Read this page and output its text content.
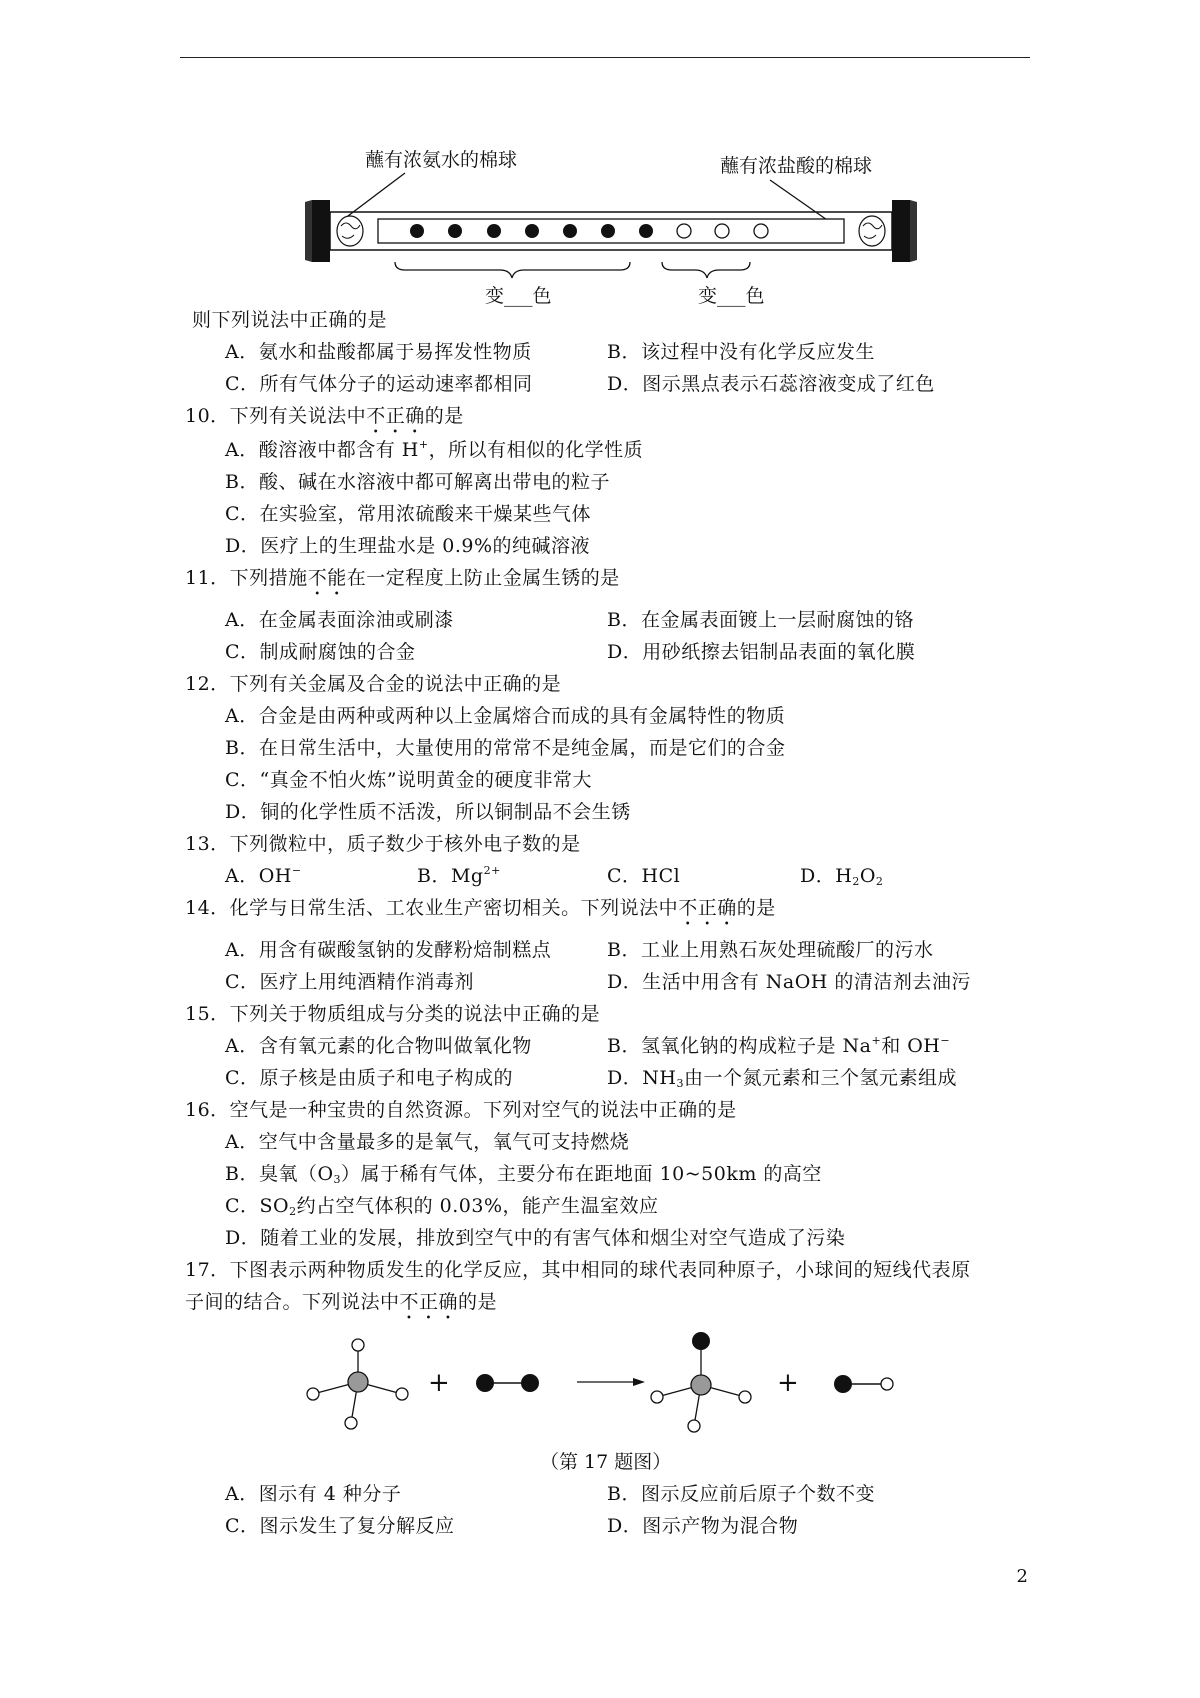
蘸有浓氨水的棉球	蘸有浓盐酸的棉球
变___色	变___色
则下列说法中正确的是
A．氨水和盐酸都属于易挥发性物质	B．该过程中没有化学反应发生
C．所有气体分子的运动速率都相同	D．图示黑点表示石蕊溶液变成了红色
10．下列有关说法中不正确的是
A．酸溶液中都含有 H+，所以有相似的化学性质
B．酸、碱在水溶液中都可解离出带电的粒子
C．在实验室，常用浓硫酸来干燥某些气体
D．医疗上的生理盐水是 0.9%的纯碱溶液
11．下列措施不能在一定程度上防止金属生锈的是
A．在金属表面涂油或刷漆	B．在金属表面镀上一层耐腐蚀的铬
C．制成耐腐蚀的合金	D．用砂纸擦去铝制品表面的氧化膜
12．下列有关金属及合金的说法中正确的是
A．合金是由两种或两种以上金属熔合而成的具有金属特性的物质
B．在日常生活中，大量使用的常常不是纯金属，而是它们的合金
C．“真金不怕火炼”说明黄金的硬度非常大
D．铜的化学性质不活泼，所以铜制品不会生锈
13．下列微粒中，质子数少于核外电子数的是
A．OH−	B．$Mg^{2+}$	C．HCl	D．$H_2O_2$
14．化学与日常生活、工农业生产密切相关。下列说法中不正确的是
A．用含有碳酸氢钠的发酵粉焙制糕点	B．工业上用熟石灰处理硫酸厂的污水
C．医疗上用纯酒精作消毒剂	D．生活中用含有 NaOH 的清洁剂去油污
15．下列关于物质组成与分类的说法中正确的是
A．含有氧元素的化合物叫做氧化物	B．氢氧化钠的构成粒子是 Na+和 OH−
C．原子核是由质子和电子构成的	D．$NH_3$由一个氮元素和三个氢元素组成
16．空气是一种宝贵的自然资源。下列对空气的说法中正确的是
A．空气中含量最多的是氧气，氧气可支持燃烧
B．臭氧$(O_3)$属于稀有气体，主要分布在距地面 10~50km 的高空
C．$SO_2$约占空气体积的 0.03%，能产生温室效应
D．随着工业的发展，排放到空气中的有害气体和烟尘对空气造成了污染
17．下图表示两种物质发生的化学反应，其中相同的球代表同种原子，小球间的短线代表原
子间的结合。下列说法中不正确的是
+	+
（第 17 题图）
A．图示有 4 种分子	B．图示反应前后原子个数不变
C．图示发生了复分解反应	D．图示产物为混合物
2
